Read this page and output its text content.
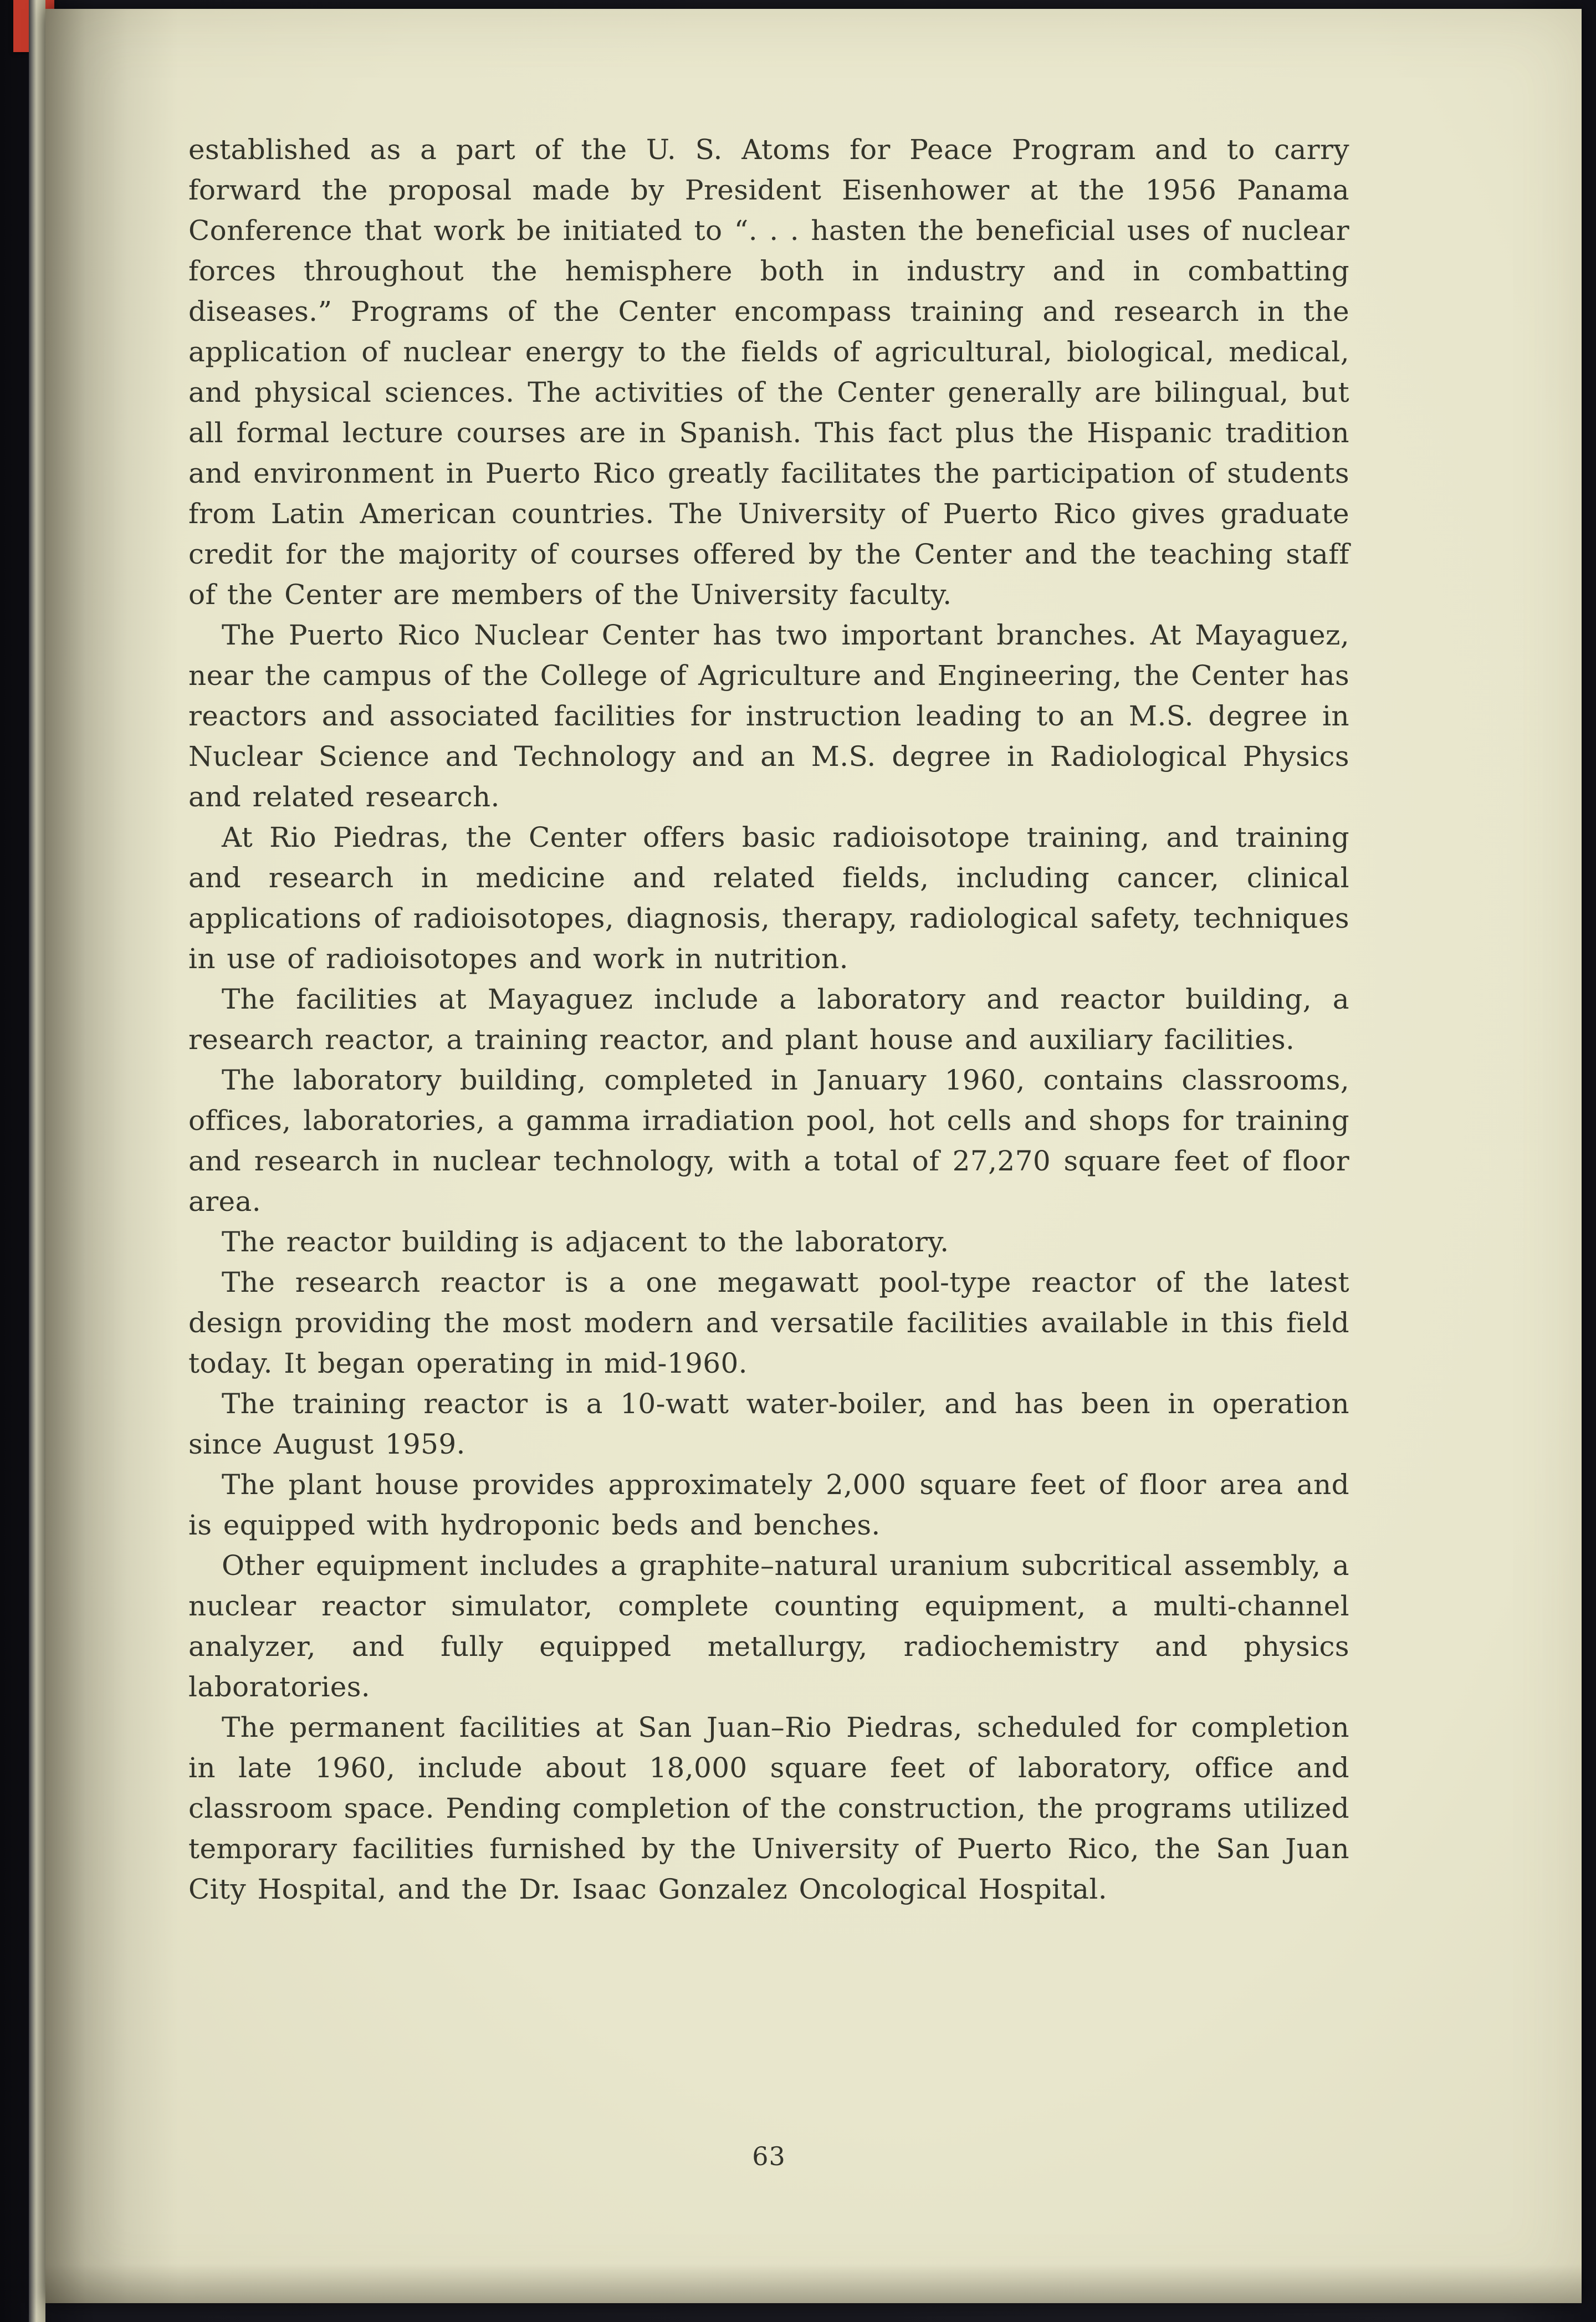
established as a part of the U. S. Atoms for Peace Program and to carry forward the proposal made by President Eisenhower at the 1956 Panama Conference that work be initiated to “. . . hasten the beneficial uses of nuclear forces throughout the hemisphere both in industry and in combatting diseases.” Programs of the Center encompass training and research in the application of nuclear energy to the fields of agricultural, biological, medical, and physical sciences. The activities of the Center generally are bilingual, but all formal lecture courses are in Spanish. This fact plus the Hispanic tradition and environment in Puerto Rico greatly facilitates the participation of students from Latin American countries. The University of Puerto Rico gives graduate credit for the majority of courses offered by the Center and the teaching staff of the Center are members of the University faculty.

The Puerto Rico Nuclear Center has two important branches. At Mayaguez, near the campus of the College of Agriculture and Engineering, the Center has reactors and associated facilities for instruction leading to an M.S. degree in Nuclear Science and Technology and an M.S. degree in Radiological Physics and related research.

At Rio Piedras, the Center offers basic radioisotope training, and training and research in medicine and related fields, including cancer, clinical applications of radioisotopes, diagnosis, therapy, radiological safety, techniques in use of radioisotopes and work in nutrition.

The facilities at Mayaguez include a laboratory and reactor building, a research reactor, a training reactor, and plant house and auxiliary facilities.

The laboratory building, completed in January 1960, contains classrooms, offices, laboratories, a gamma irradiation pool, hot cells and shops for training and research in nuclear technology, with a total of 27,270 square feet of floor area.

The reactor building is adjacent to the laboratory.

The research reactor is a one megawatt pool-type reactor of the latest design providing the most modern and versatile facilities available in this field today. It began operating in mid-1960.

The training reactor is a 10-watt water-boiler, and has been in operation since August 1959.

The plant house provides approximately 2,000 square feet of floor area and is equipped with hydroponic beds and benches.

Other equipment includes a graphite–natural uranium subcritical assembly, a nuclear reactor simulator, complete counting equipment, a multi-channel analyzer, and fully equipped metallurgy, radiochemistry and physics laboratories.

The permanent facilities at San Juan–Rio Piedras, scheduled for completion in late 1960, include about 18,000 square feet of laboratory, office and classroom space. Pending completion of the construction, the programs utilized temporary facilities furnished by the University of Puerto Rico, the San Juan City Hospital, and the Dr. Isaac Gonzalez Oncological Hospital.

63
